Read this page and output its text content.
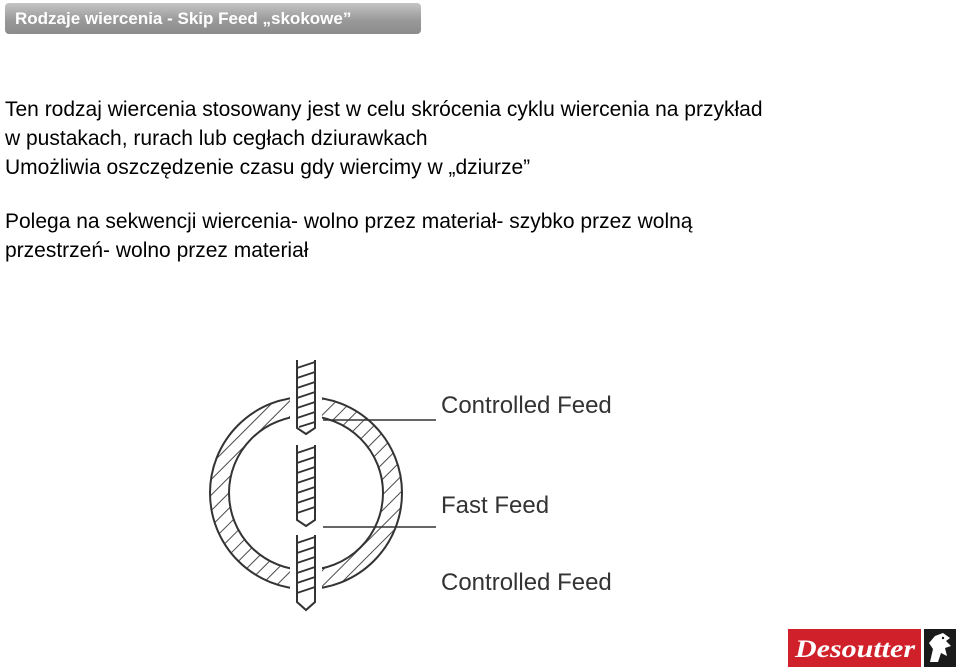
Rodzaje wiercenia - Skip Feed „skokowe”

Ten rodzaj wiercenia stosowany jest w celu skrócenia cyklu wiercenia na przykład

w pustakach, rurach lub cegłach dziurawkach

Umożliwia oszczędzenie czasu gdy wiercimy w „dziurze”

Polega na sekwencji wiercenia- wolno przez materiał- szybko przez wolną

przestrzeń- wolno przez materiał

Controlled Feed
Fast Feed
Controlled Feed
Desoutter
